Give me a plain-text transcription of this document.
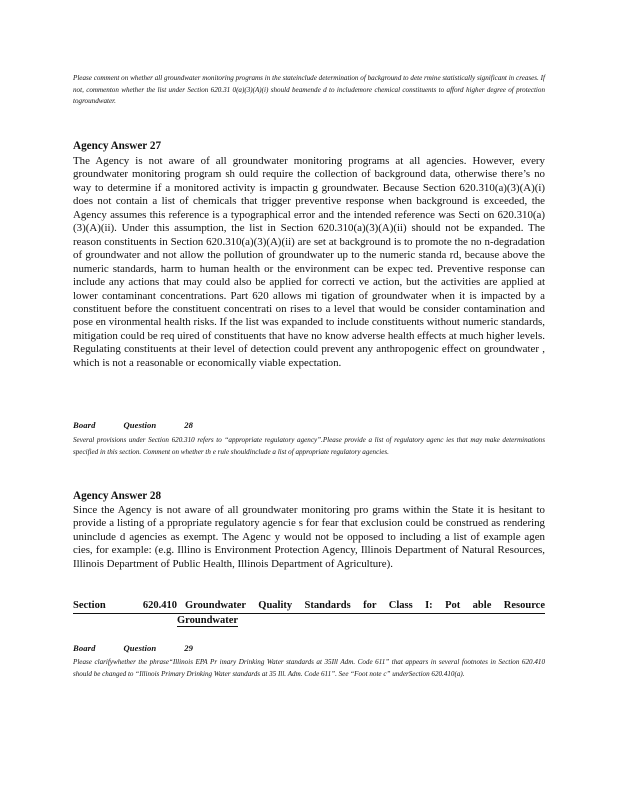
Please comment on whether all groundwater monitoring programs in the stateinclude determination of background to dete rmine statistically significant in creases. If not, commenton whether the list under Section 620.31 0(a)(3)(A)(i) should beamende d to includemore chemical constituents to afford higher degree of protection togroundwater.

Agency Answer 27

The Agency is not aware of all groundwater monitoring programs at all agencies. However, every groundwater monitoring program sh ould require the collection of background data, otherwise there’s no way to determine if a monitored activity is impactin g groundwater. Because Section 620.310(a)(3)(A)(i) does not contain a list of chemicals that trigger preventive response when background is exceeded, the Agency assumes this reference is a typographical error and the intended reference was Secti on 620.310(a)(3)(A)(ii). Under this assumption, the list in Section 620.310(a)(3)(A)(ii) should not be expanded. The reason constituents in Section 620.310(a)(3)(A)(ii) are set at background is to promote the no n-degradation of groundwater and not allow the pollution of groundwater up to the numeric standa rd, because above the numeric standards, harm to human health or the environment can be expec ted. Preventive response can include any actions that may could also be applied for correcti ve action, but the activities are applied at lower contaminant concentrations. Part 620 allows mi tigation of groundwater when it is impacted by a constituent before the constituent concentrati on rises to a level that would be consider contamination and pose en vironmental health risks. If the list was expanded to include constituents without numeric standards, mitigation could be req uired of constituents that have no know adverse health effects at much higher levels. Regulating constituents at their level of detection could prevent any anthropogenic effect on groundwater , which is not a reasonable or economically viable expectation.

Board	Question	28

Several provisions under Section 620.310 refers to “appropriate regulatory agency”.Please provide a list of regulatory agenc ies that may make determinations specified in this section. Comment on whether th e rule shouldinclude a list of appropriate regulatory agencies.

Agency Answer 28

Since the Agency is not aware of all groundwater monitoring pro grams within the State it is hesitant to provide a listing of a ppropriate regulatory agencie s for fear that exclusion could be construed as rendering uninclude d agencies as exempt. The Agenc y would not be opposed to including a list of example agen cies, for example: (e.g. Illino is Environment Protection Agency, Illinois Department of Natural Resources, Illinois Department of Public Health, Illinois Department of Agriculture).

Section	620.410 Groundwater Quality Standards for Class I: Pot able Resource
Groundwater
Board	Question	29

Please clarifywhether the phrase“Illinois EPA Pr imary Drinking Water standards at 35Ill Adm. Code 611” that appears in several footnotes in Section 620.410 should be changed to “Illinois Primary Drinking Water standards at 35 Ill. Adm. Code 611”. See “Foot note c” underSection 620.410(a).
